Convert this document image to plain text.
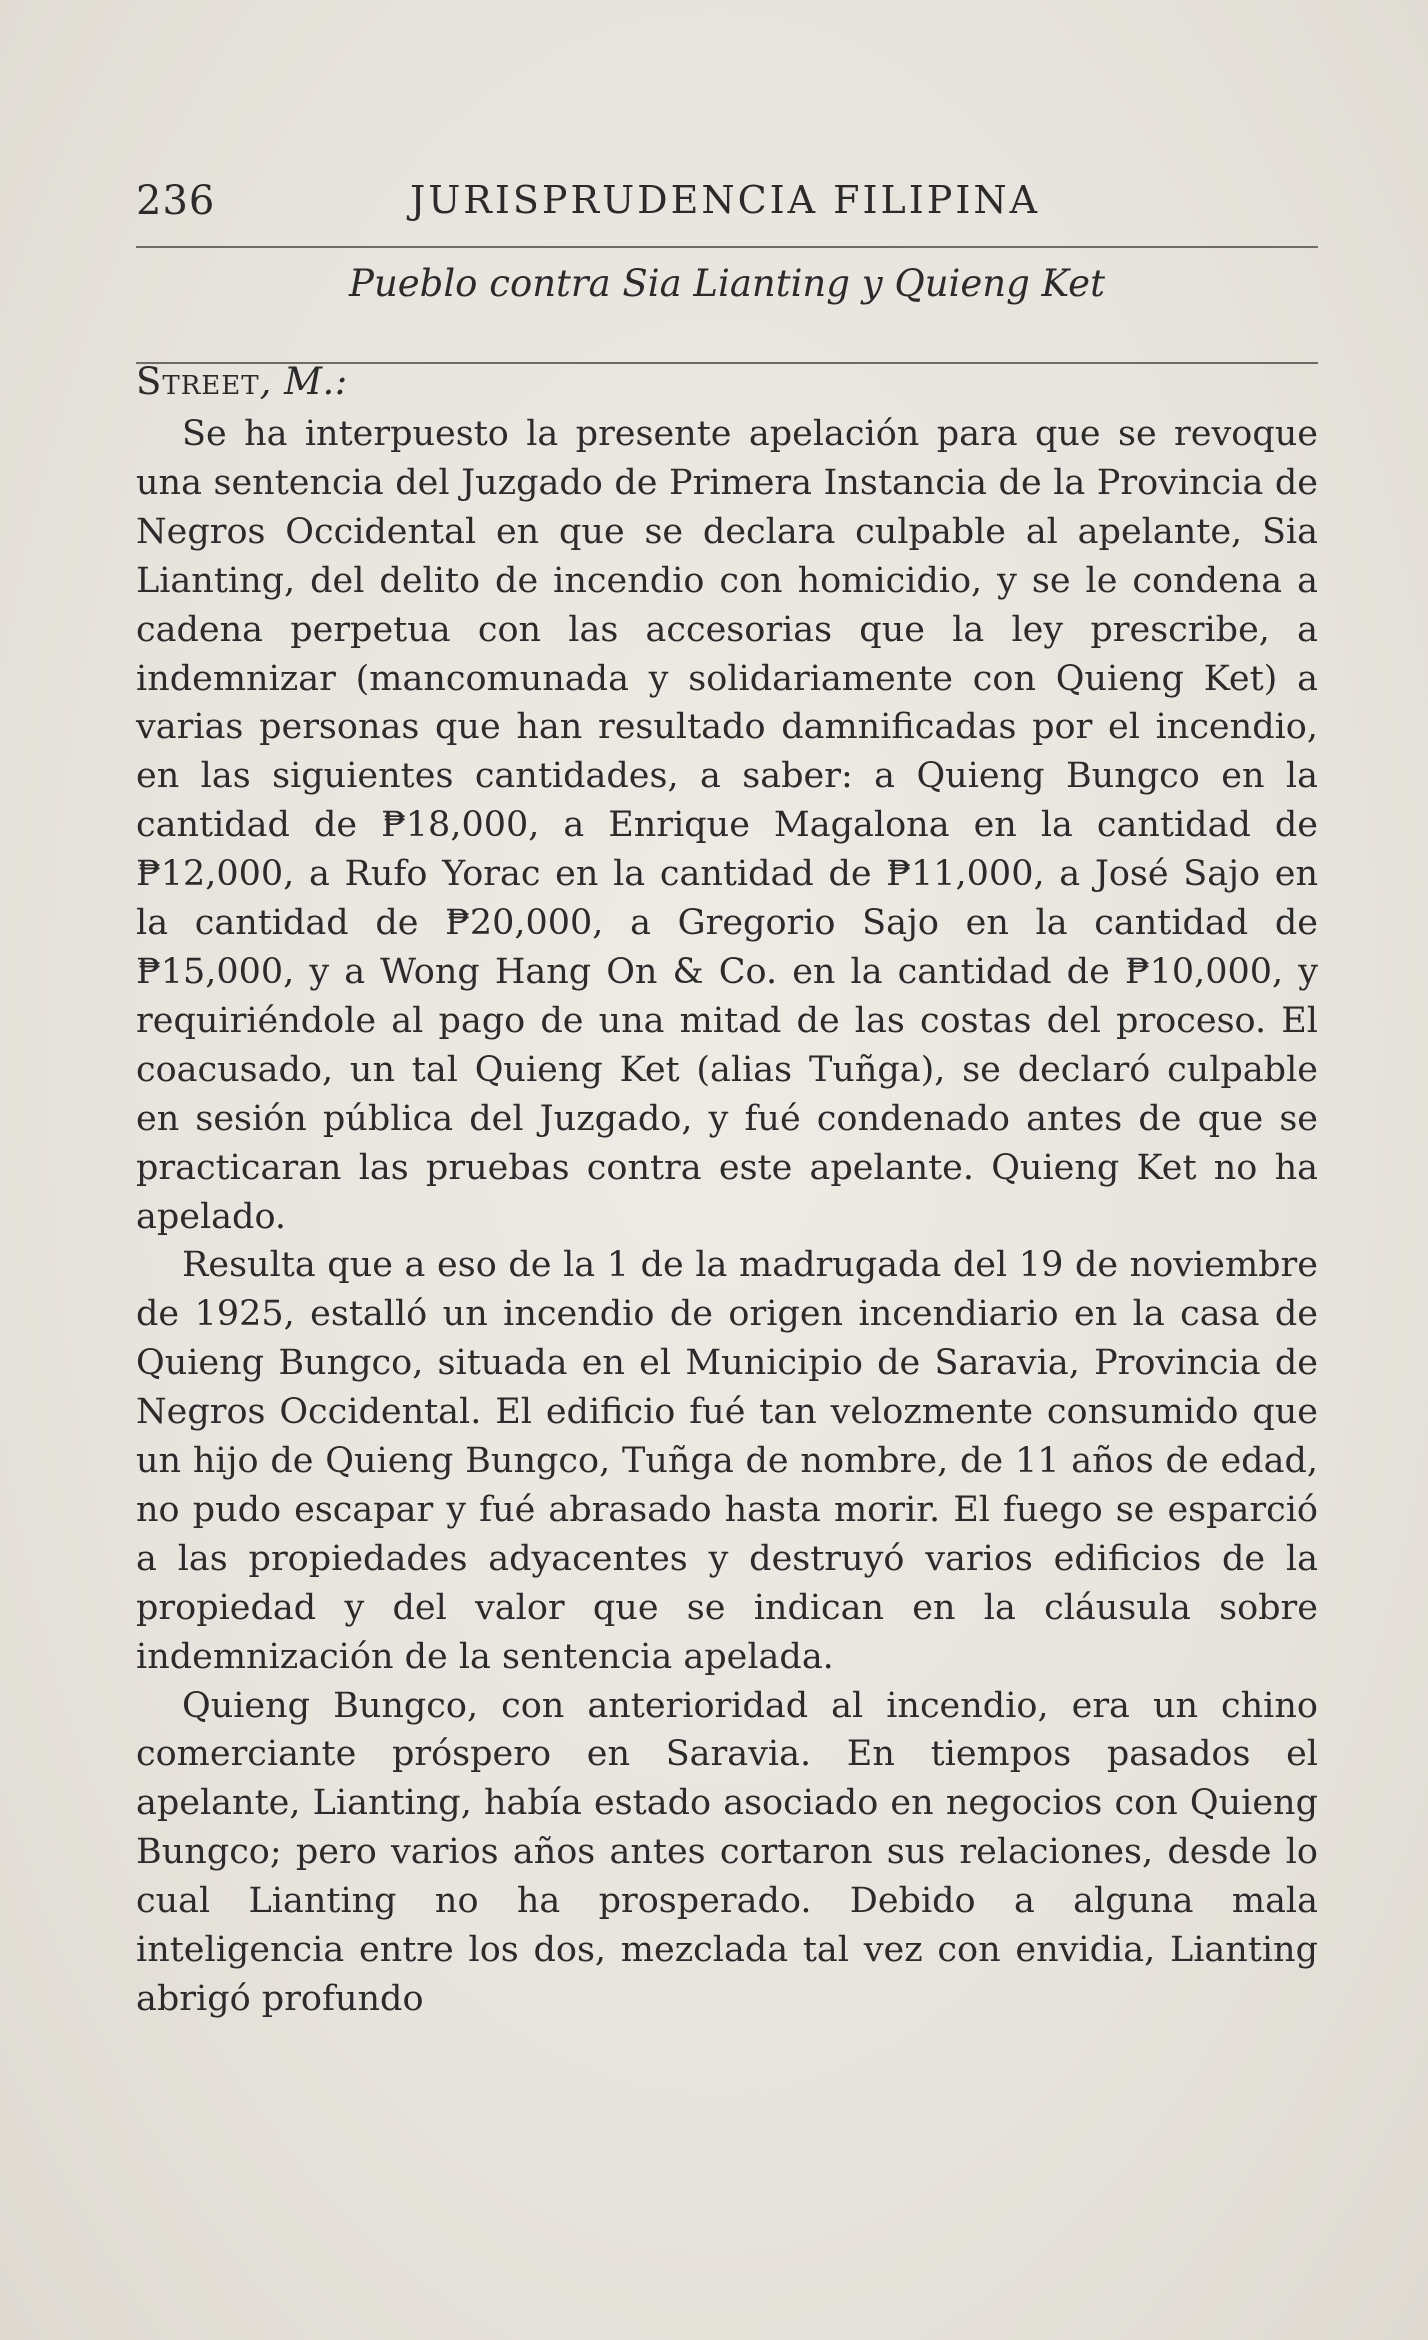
236	JURISPRUDENCIA FILIPINA
Pueblo contra Sia Lianting y Quieng Ket
Street, M.:

Se ha interpuesto la presente apelación para que se revoque una sentencia del Juzgado de Primera Instancia de la Provincia de Negros Occidental en que se declara culpable al apelante, Sia Lianting, del delito de incendio con homicidio, y se le condena a cadena perpetua con las accesorias que la ley prescribe, a indemnizar (mancomunada y solidariamente con Quieng Ket) a varias personas que han resultado damnificadas por el incendio, en las siguientes cantidades, a saber: a Quieng Bungco en la cantidad de ₱18,000, a Enrique Magalona en la cantidad de ₱12,000, a Rufo Yorac en la cantidad de ₱11,000, a José Sajo en la cantidad de ₱20,000, a Gregorio Sajo en la cantidad de ₱15,000, y a Wong Hang On & Co. en la cantidad de ₱10,000, y requiriéndole al pago de una mitad de las costas del proceso. El coacusado, un tal Quieng Ket (alias Tuñga), se declaró culpable en sesión pública del Juzgado, y fué condenado antes de que se practicaran las pruebas contra este apelante. Quieng Ket no ha apelado.

Resulta que a eso de la 1 de la madrugada del 19 de noviembre de 1925, estalló un incendio de origen incendiario en la casa de Quieng Bungco, situada en el Municipio de Saravia, Provincia de Negros Occidental. El edificio fué tan velozmente consumido que un hijo de Quieng Bungco, Tuñga de nombre, de 11 años de edad, no pudo escapar y fué abrasado hasta morir. El fuego se esparció a las propiedades adyacentes y destruyó varios edificios de la propiedad y del valor que se indican en la cláusula sobre indemnización de la sentencia apelada.

Quieng Bungco, con anterioridad al incendio, era un chino comerciante próspero en Saravia. En tiempos pasados el apelante, Lianting, había estado asociado en negocios con Quieng Bungco; pero varios años antes cortaron sus relaciones, desde lo cual Lianting no ha prosperado. Debido a alguna mala inteligencia entre los dos, mezclada tal vez con envidia, Lianting abrigó profundo
